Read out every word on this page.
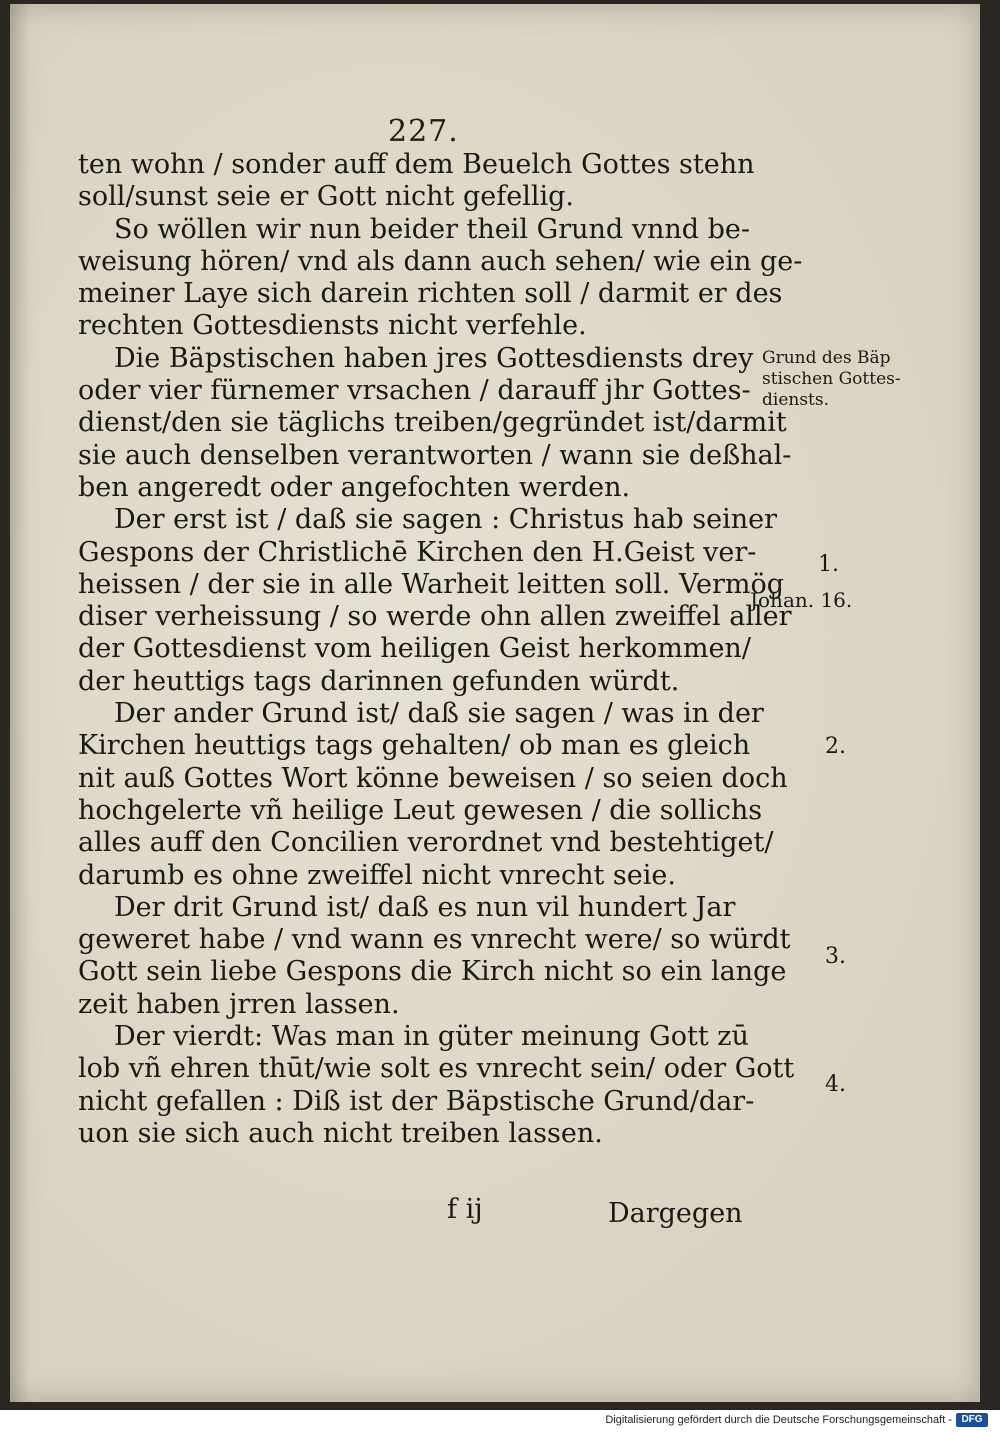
227.
ten wohn / sonder auff dem Beuelch Gottes stehn
soll/sunst seie er Gott nicht gefellig.
So wöllen wir nun beider theil Grund vnnd be-
weisung hören/ vnd als dann auch sehen/ wie ein ge-
meiner Laye sich darein richten soll / darmit er des
rechten Gottesdiensts nicht verfehle.
Die Bäpstischen haben jres Gottesdiensts drey
oder vier fürnemer vrsachen / darauff jhr Gottes-
dienst/den sie täglichs treiben/gegründet ist/darmit
sie auch denselben verantworten / wann sie deßhal-
ben angeredt oder angefochten werden.
Der erst ist / daß sie sagen : Christus hab seiner
Gespons der Christlichē Kirchen den H.Geist ver-
heissen / der sie in alle Warheit leitten soll. Vermög
diser verheissung / so werde ohn allen zweiffel aller
der Gottesdienst vom heiligen Geist herkommen/
der heuttigs tags darinnen gefunden würdt.
Der ander Grund ist/ daß sie sagen / was in der
Kirchen heuttigs tags gehalten/ ob man es gleich
nit auß Gottes Wort könne beweisen / so seien doch
hochgelerte vñ heilige Leut gewesen / die sollichs
alles auff den Concilien verordnet vnd bestehtiget/
darumb es ohne zweiffel nicht vnrecht seie.
Der drit Grund ist/ daß es nun vil hundert Jar
geweret habe / vnd wann es vnrecht were/ so würdt
Gott sein liebe Gespons die Kirch nicht so ein lange
zeit haben jrren lassen.
Der vierdt: Was man in güter meinung Gott zū
lob vñ ehren thūt/wie solt es vnrecht sein/ oder Gott
nicht gefallen : Diß ist der Bäpstische Grund/dar-
uon sie sich auch nicht treiben lassen.
Grund des Bäp
stischen Gottes-
diensts.
1.
Johan. 16.
2.
3.
4.
f ij	Dargegen
Digitalisierung gefördert durch die Deutsche Forschungsgemeinschaft - DFG
